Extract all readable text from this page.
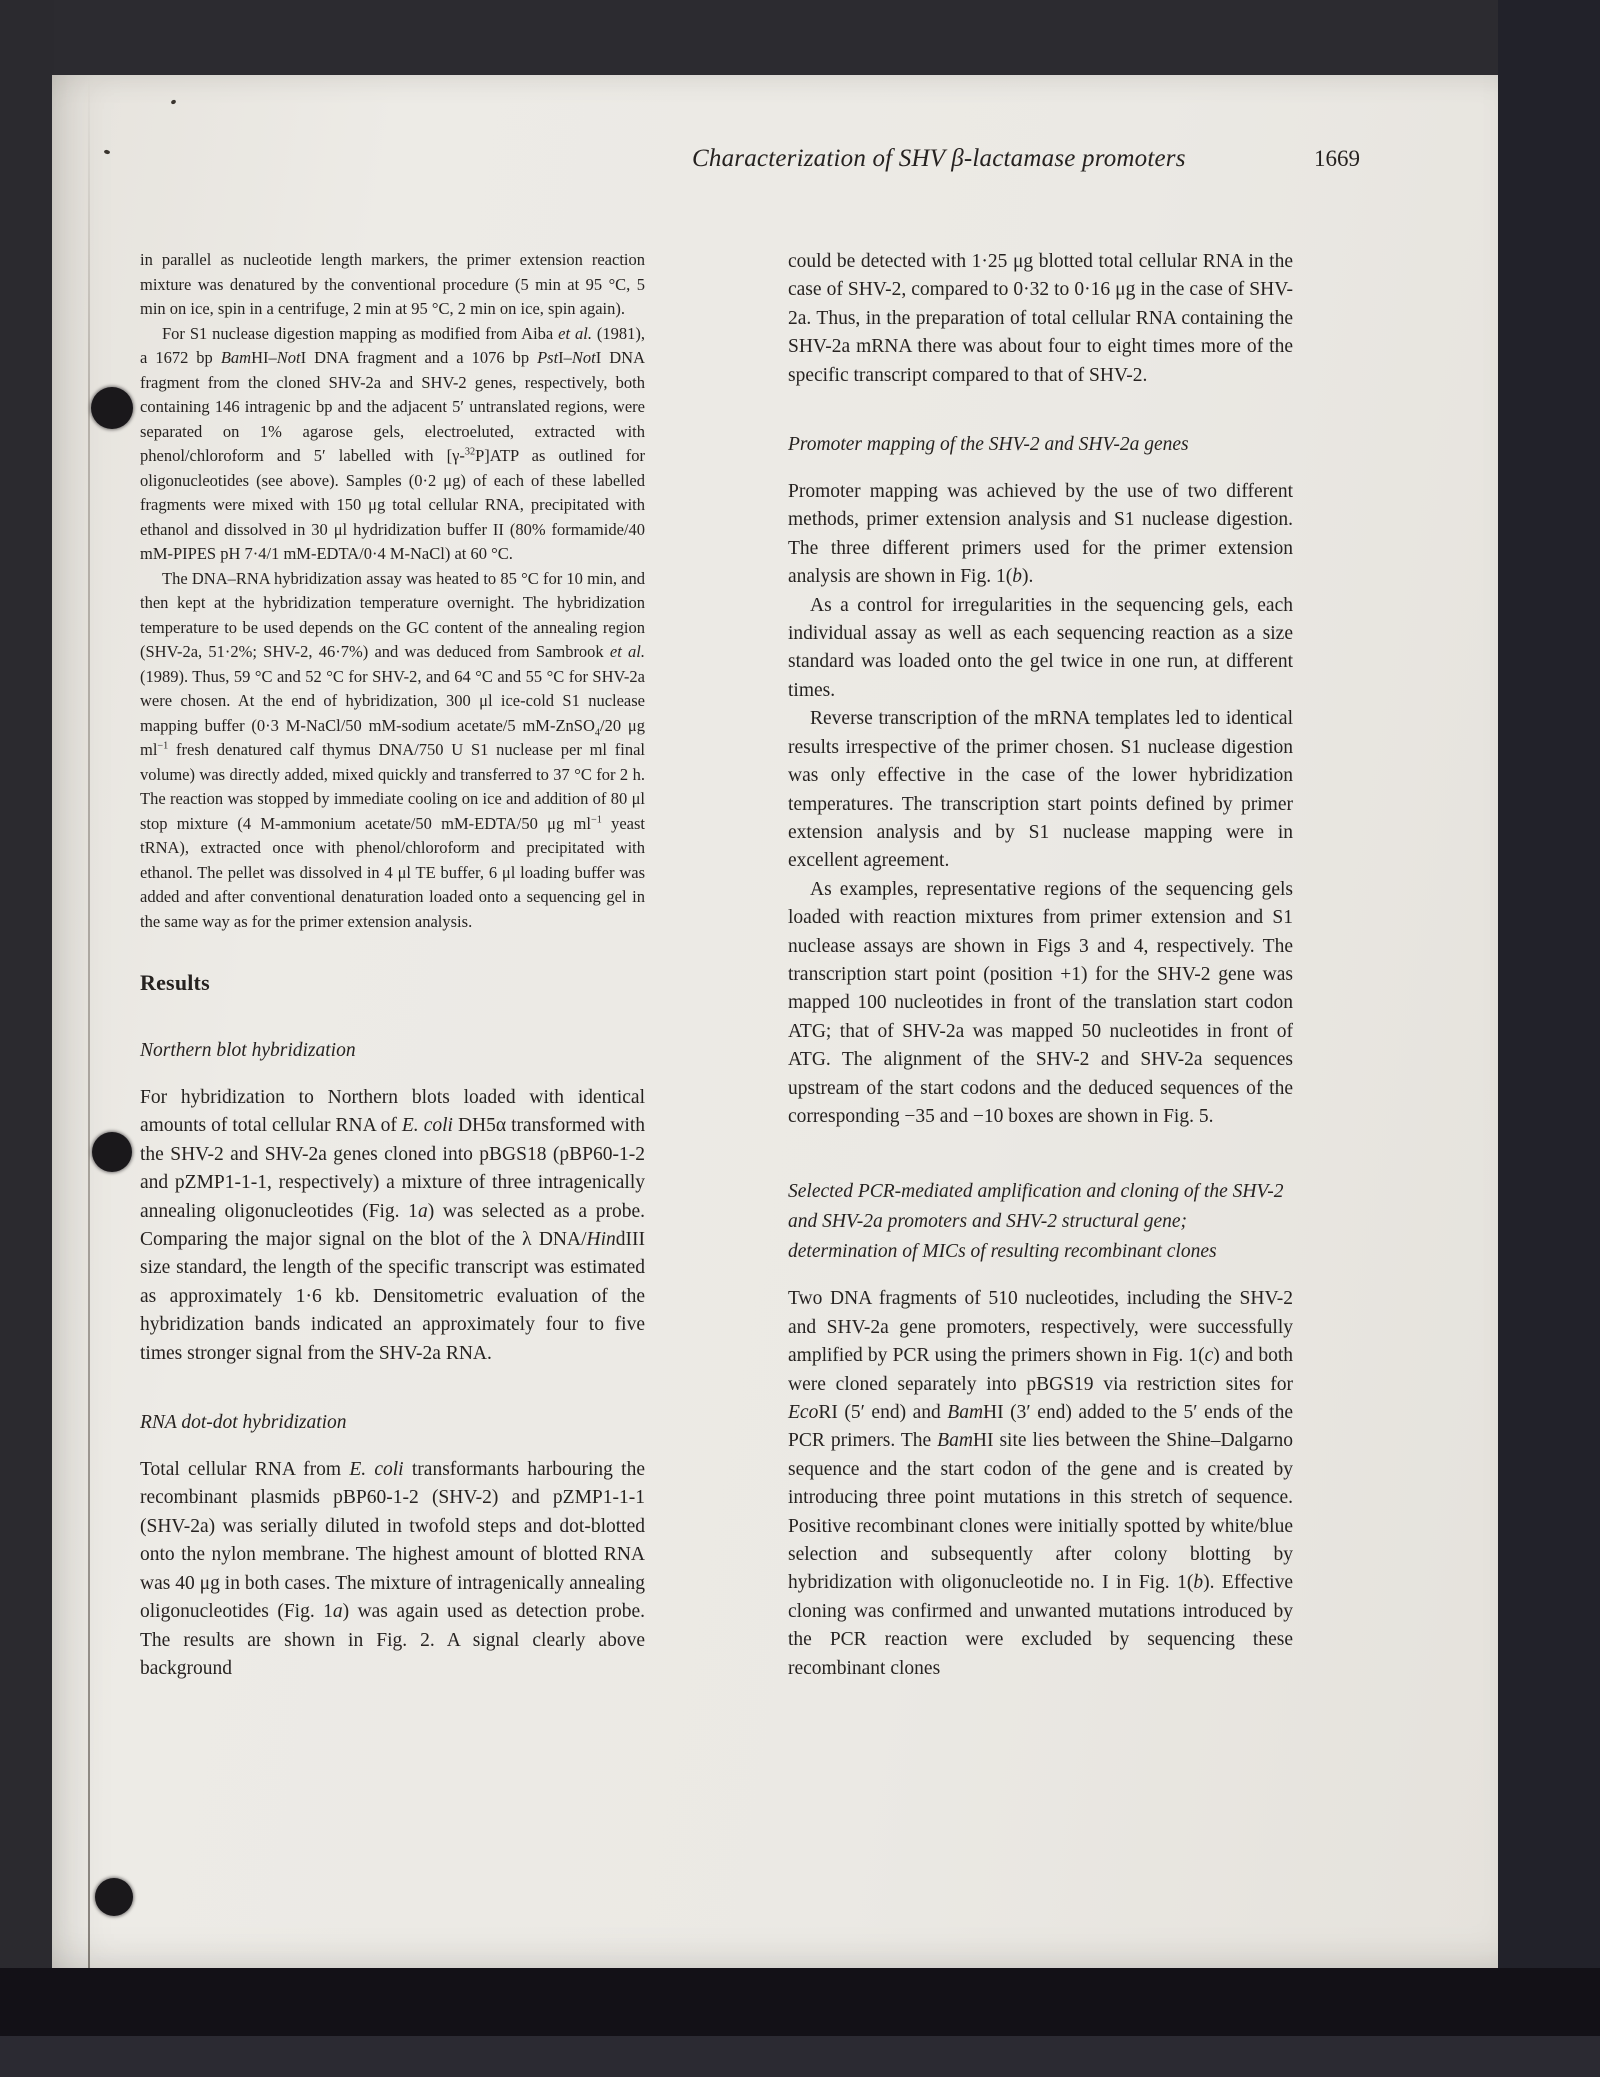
Characterization of SHV β-lactamase promoters	1669

in parallel as nucleotide length markers, the primer extension reaction mixture was denatured by the conventional procedure (5 min at 95 °C, 5 min on ice, spin in a centrifuge, 2 min at 95 °C, 2 min on ice, spin again).

For S1 nuclease digestion mapping as modified from Aiba et al. (1981), a 1672 bp BamHI–NotI DNA fragment and a 1076 bp PstI–NotI DNA fragment from the cloned SHV-2a and SHV-2 genes, respectively, both containing 146 intragenic bp and the adjacent 5′ untranslated regions, were separated on 1% agarose gels, electroeluted, extracted with phenol/chloroform and 5′ labelled with [γ-$^{32}$P]ATP as outlined for oligonucleotides (see above). Samples (0·2 μg) of each of these labelled fragments were mixed with 150 μg total cellular RNA, precipitated with ethanol and dissolved in 30 μl hydridization buffer II (80% formamide/40 mM-PIPES pH 7·4/1 mM-EDTA/0·4 M-NaCl) at 60 °C.

The DNA–RNA hybridization assay was heated to 85 °C for 10 min, and then kept at the hybridization temperature overnight. The hybridization temperature to be used depends on the GC content of the annealing region (SHV-2a, 51·2%; SHV-2, 46·7%) and was deduced from Sambrook et al. (1989). Thus, 59 °C and 52 °C for SHV-2, and 64 °C and 55 °C for SHV-2a were chosen. At the end of hybridization, 300 μl ice-cold S1 nuclease mapping buffer (0·3 M-NaCl/50 mM-sodium acetate/5 mM-ZnSO$_4$/20 μg $ml^{-1}$ fresh denatured calf thymus DNA/750 U S1 nuclease per ml final volume) was directly added, mixed quickly and transferred to 37 °C for 2 h. The reaction was stopped by immediate cooling on ice and addition of 80 μl stop mixture (4 M-ammonium acetate/50 mM-EDTA/50 μg $ml^{-1}$ yeast tRNA), extracted once with phenol/chloroform and precipitated with ethanol. The pellet was dissolved in 4 μl TE buffer, 6 μl loading buffer was added and after conventional denaturation loaded onto a sequencing gel in the same way as for the primer extension analysis.

Results
Northern blot hybridization

For hybridization to Northern blots loaded with identical amounts of total cellular RNA of E. coli DH5α transformed with the SHV-2 and SHV-2a genes cloned into pBGS18 (pBP60-1-2 and pZMP1-1-1, respectively) a mixture of three intragenically annealing oligonucleotides (Fig. 1a) was selected as a probe. Comparing the major signal on the blot of the λ DNA/HindIII size standard, the length of the specific transcript was estimated as approximately 1·6 kb. Densitometric evaluation of the hybridization bands indicated an approximately four to five times stronger signal from the SHV-2a RNA.

RNA dot-dot hybridization

Total cellular RNA from E. coli transformants harbouring the recombinant plasmids pBP60-1-2 (SHV-2) and pZMP1-1-1 (SHV-2a) was serially diluted in twofold steps and dot-blotted onto the nylon membrane. The highest amount of blotted RNA was 40 μg in both cases. The mixture of intragenically annealing oligonucleotides (Fig. 1a) was again used as detection probe. The results are shown in Fig. 2. A signal clearly above background

could be detected with 1·25 μg blotted total cellular RNA in the case of SHV-2, compared to 0·32 to 0·16 μg in the case of SHV-2a. Thus, in the preparation of total cellular RNA containing the SHV-2a mRNA there was about four to eight times more of the specific transcript compared to that of SHV-2.

Promoter mapping of the SHV-2 and SHV-2a genes

Promoter mapping was achieved by the use of two different methods, primer extension analysis and S1 nuclease digestion. The three different primers used for the primer extension analysis are shown in Fig. 1(b).

As a control for irregularities in the sequencing gels, each individual assay as well as each sequencing reaction as a size standard was loaded onto the gel twice in one run, at different times.

Reverse transcription of the mRNA templates led to identical results irrespective of the primer chosen. S1 nuclease digestion was only effective in the case of the lower hybridization temperatures. The transcription start points defined by primer extension analysis and by S1 nuclease mapping were in excellent agreement.

As examples, representative regions of the sequencing gels loaded with reaction mixtures from primer extension and S1 nuclease assays are shown in Figs 3 and 4, respectively. The transcription start point (position +1) for the SHV-2 gene was mapped 100 nucleotides in front of the translation start codon ATG; that of SHV-2a was mapped 50 nucleotides in front of ATG. The alignment of the SHV-2 and SHV-2a sequences upstream of the start codons and the deduced sequences of the corresponding −35 and −10 boxes are shown in Fig. 5.

Selected PCR-mediated amplification and cloning of the SHV-2 and SHV-2a promoters and SHV-2 structural gene; determination of MICs of resulting recombinant clones

Two DNA fragments of 510 nucleotides, including the SHV-2 and SHV-2a gene promoters, respectively, were successfully amplified by PCR using the primers shown in Fig. 1(c) and both were cloned separately into pBGS19 via restriction sites for EcoRI (5′ end) and BamHI (3′ end) added to the 5′ ends of the PCR primers. The BamHI site lies between the Shine–Dalgarno sequence and the start codon of the gene and is created by introducing three point mutations in this stretch of sequence. Positive recombinant clones were initially spotted by white/blue selection and subsequently after colony blotting by hybridization with oligonucleotide no. I in Fig. 1(b). Effective cloning was confirmed and unwanted mutations introduced by the PCR reaction were excluded by sequencing these recombinant clones
